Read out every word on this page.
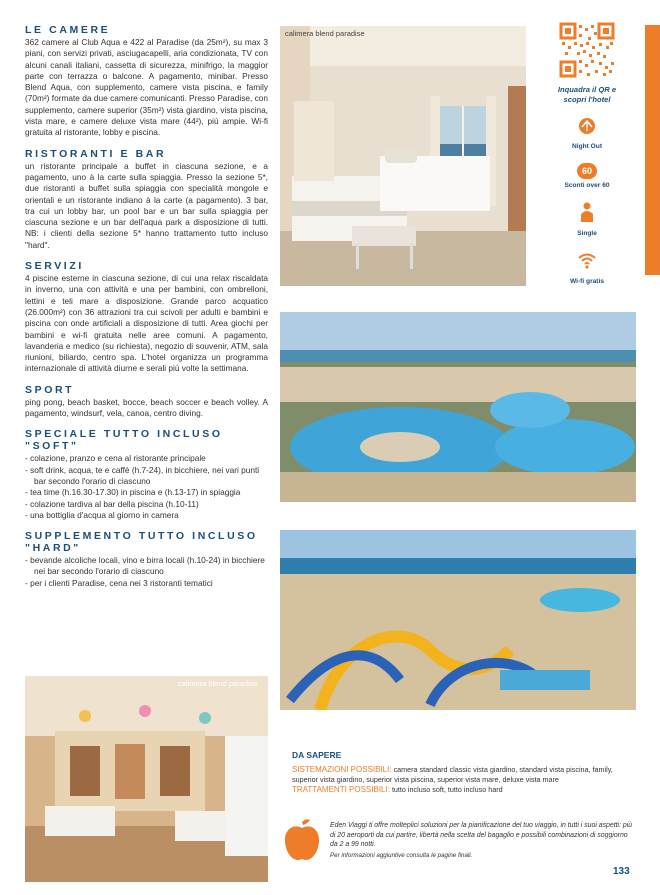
LE CAMERE

362 camere al Club Aqua e 422 al Paradise (da 25m²), su max 3 piani, con servizi privati, asciugacapelli, aria condizionata, TV con alcuni canali italiani, cassetta di sicurezza, minifrigo, la maggior parte con terrazza o balcone. A pagamento, minibar. Presso Blend Aqua, con supplemento, camere vista piscina, e family (70m²) formate da due camere comunicanti. Presso Paradise, con supplemento, camere superior (35m²) vista giardino, vista piscina, vista mare, e camere deluxe vista mare (44²), più ampie. Wi-fi gratuita al ristorante, lobby e piscina.

RISTORANTI E BAR

un ristorante principale a buffet in ciascuna sezione, e a pagamento, uno à la carte sulla spiaggia. Presso la sezione 5*, due ristoranti a buffet sulla spiaggia con specialità mongole e orientali e un ristorante indiano à la carte (a pagamento). 3 bar, tra cui un lobby bar, un pool bar e un bar sulla spiaggia per ciascuna sezione e un bar dell'aqua park a disposizione di tutti. NB: i clienti della sezione 5* hanno trattamento tutto incluso "hard".

SERVIZI

4 piscine esterne in ciascuna sezione, di cui una relax riscaldata in inverno, una con attività e una per bambini, con ombrelloni, lettini e teli mare a disposizione. Grande parco acquatico (26.000m²) con 36 attrazioni tra cui scivoli per adulti e bambini e piscina con onde artificiali a disposizione di tutti. Area giochi per bambini e wi-fi gratuita nelle aree comuni. A pagamento, lavanderia e medico (su richiesta), negozio di souvenir, ATM, sala riunioni, biliardo, centro spa. L'hotel organizza un programma internazionale di attività diurne e serali più volte la settimana.

SPORT

ping pong, beach basket, bocce, beach soccer e beach volley. A pagamento, windsurf, vela, canoa, centro diving.

SPECIALE TUTTO INCLUSO "SOFT"
- colazione, pranzo e cena al ristorante principale
- soft drink, acqua, te e caffè (h.7-24), in bicchiere, nei vari punti bar secondo l'orario di ciascuno
- tea time (h.16.30-17.30) in piscina e (h.13-17) in spiaggia
- colazione tardiva al bar della piscina (h.10-11)
- una bottiglia d'acqua al giorno in camera
SUPPLEMENTO TUTTO INCLUSO "HARD"
- bevande alcoliche locali, vino e birra locali (h.10-24) in bicchiere nei bar secondo l'orario di ciascuno
- per i clienti Paradise, cena nei 3 ristoranti tematici
calimera blend paradise
calimera blend paradise
Inquadra il QR e scopri l'hotel
Night Out
60
Sconti over 60
Single
Wi-fi gratis
DA SAPERE
SISTEMAZIONI POSSIBILI: camera standard classic vista giardino, standard vista piscina, family, superior vista giardino, superior vista piscina, superior vista mare, deluxe vista mare
TRATTAMENTI POSSIBILI: tutto incluso soft, tutto incluso hard
Eden Viaggi ti offre molteplici soluzioni per la pianificazione del tuo viaggio, in tutti i suoi aspetti: più di 20 aeroporti da cui partire, libertà nella scelta del bagaglio e possibili combinazioni di soggiorno da 2 a 99 notti.
Per informazioni aggiuntive consulta le pagine finali.
133
